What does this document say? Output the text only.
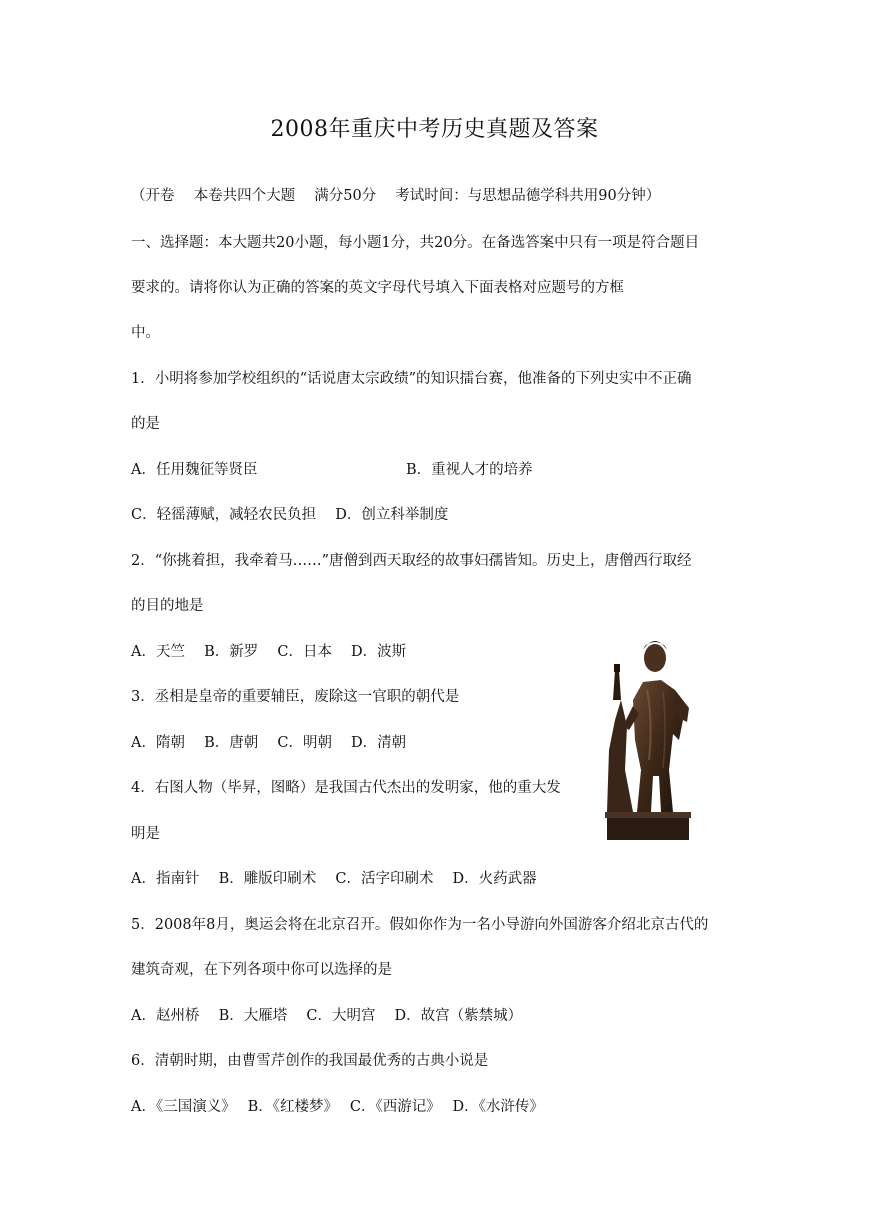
2008年重庆中考历史真题及答案
（开卷　 本卷共四个大题　 满分50分　 考试时间：与思想品德学科共用90分钟）
一、选择题：本大题共20小题，每小题1分，共20分。在备选答案中只有一项是符合题目
要求的。请将你认为正确的答案的英文字母代号填入下面表格对应题号的方框
中。
1．小明将参加学校组织的“话说唐太宗政绩”的知识擂台赛，他准备的下列史实中不正确
的是
A．任用魏征等贤臣	B．重视人才的培养
C．轻徭薄赋，减轻农民负担　 D．创立科举制度
2．“你挑着担，我牵着马……”唐僧到西天取经的故事妇孺皆知。历史上，唐僧西行取经
的目的地是
A．天竺　 B．新罗　 C．日本　 D．波斯
3．丞相是皇帝的重要辅臣，废除这一官职的朝代是
A．隋朝　 B．唐朝　 C．明朝　 D．清朝
4．右图人物（毕昇，图略）是我国古代杰出的发明家，他的重大发
明是
A．指南针　 B．雕版印刷术　 C．活字印刷术　 D．火药武器
5．2008年8月，奥运会将在北京召开。假如你作为一名小导游向外国游客介绍北京古代的
建筑奇观，在下列各项中你可以选择的是
A．赵州桥　 B．大雁塔　 C．大明宫　 D．故宫（紫禁城）
6．清朝时期，由曹雪芹创作的我国最优秀的古典小说是
A．《三国演义》　 B．《红楼梦》　 C．《西游记》　 D．《水浒传》
